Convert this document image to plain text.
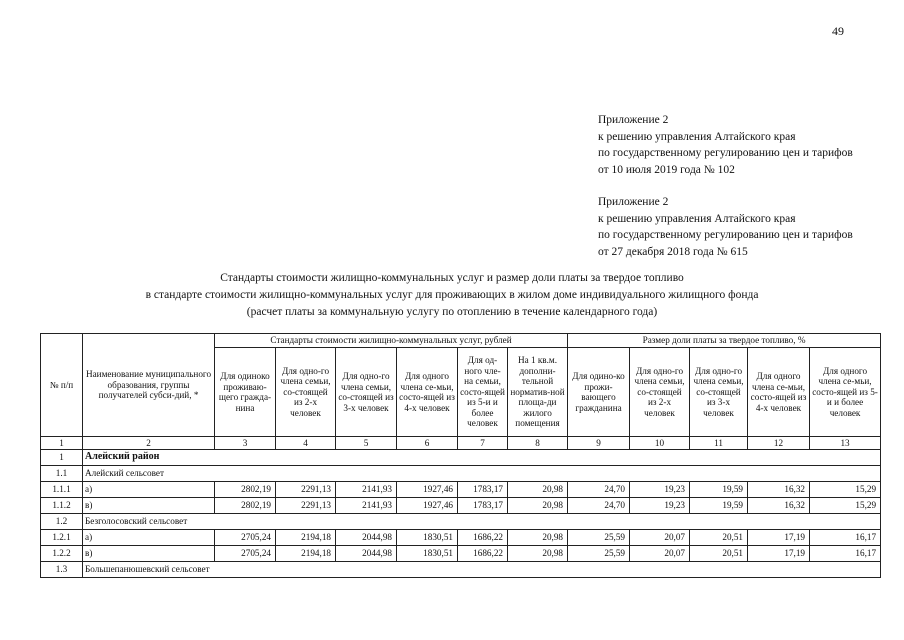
49
Приложение 2
к решению управления Алтайского края
по государственному регулированию цен и тарифов
от 10 июля 2019 года № 102
Приложение 2
к решению управления Алтайского края
по государственному регулированию цен и тарифов
от 27 декабря 2018 года № 615
Стандарты стоимости жилищно-коммунальных услуг и размер доли платы за твердое топливо
в стандарте стоимости жилищно-коммунальных услуг для проживающих в жилом доме индивидуального жилищного фонда
(расчет платы за коммунальную услугу по отоплению в течение календарного года)
№ п/п	Наименование муниципального образования, группы получателей субси-дий, *	Стандарты стоимости жилищно-коммунальных услуг, рублей						Размер доли платы за твердое топливо, %				
		Для одиноко проживаю-щего гражда-нина	Для одно-го члена семьи, со-стоящей из 2-х человек	Для одно-го члена семьи, со-стоящей из 3-х человек	Для одного члена се-мьи, состо-ящей из 4-х человек	Для од-ного чле-на семьи, состо-ящей из 5-и и более человек	На 1 кв.м. дополни-тельной норматив-ной площа-ди жилого помещения	Для одино-ко прожи-вающего гражданина	Для одно-го члена семьи, со-стоящей из 2-х человек	Для одно-го члена семьи, со-стоящей из 3-х человек	Для одного члена се-мьи, состо-ящей из 4-х человек	Для одного члена се-мьи, состо-ящей из 5-и и более человек
1	2	3	4	5	6	7	8	9	10	11	12	13
1	Алейский район											
1.1	Алейский сельсовет											
1.1.1	а)	2802,19	2291,13	2141,93	1927,46	1783,17	20,98	24,70	19,23	19,59	16,32	15,29
1.1.2	в)	2802,19	2291,13	2141,93	1927,46	1783,17	20,98	24,70	19,23	19,59	16,32	15,29
1.2	Безголосовский сельсовет											
1.2.1	а)	2705,24	2194,18	2044,98	1830,51	1686,22	20,98	25,59	20,07	20,51	17,19	16,17
1.2.2	в)	2705,24	2194,18	2044,98	1830,51	1686,22	20,98	25,59	20,07	20,51	17,19	16,17
1.3	Большепанюшевский сельсовет											
